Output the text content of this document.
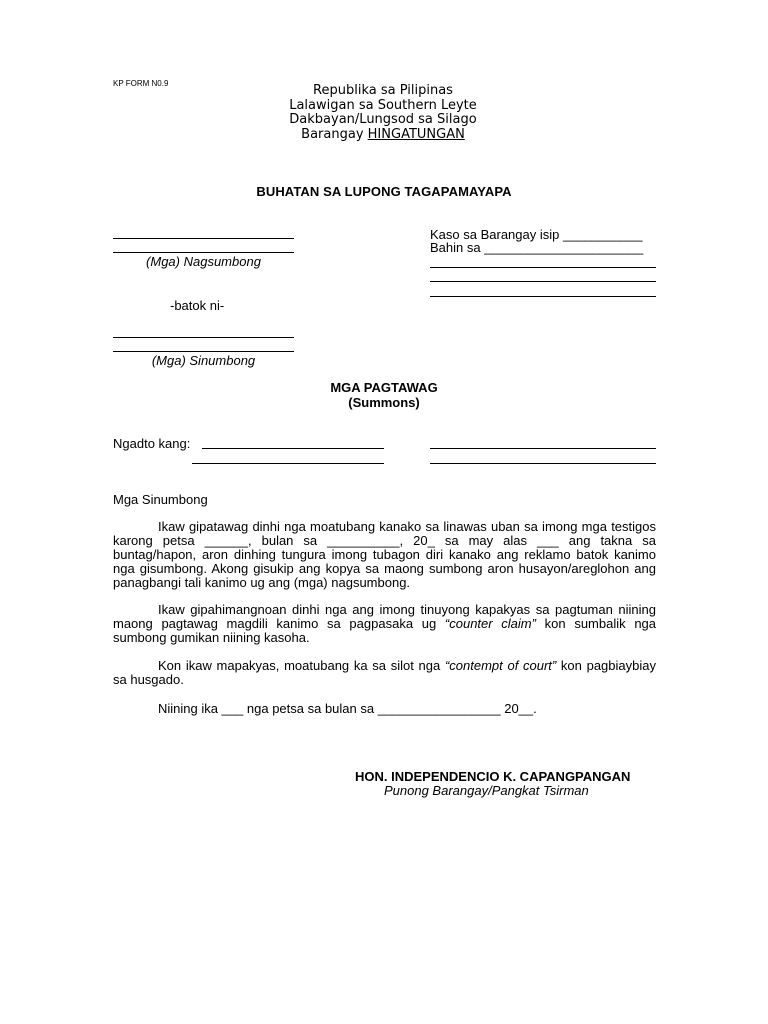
KP FORM N0.9	Republika sa Pilipinas
Lalawigan sa Southern Leyte
Dakbayan/Lungsod sa Silago
Barangay HINGATUNGAN
BUHATAN SA LUPONG TAGAPAMAYAPA
(Mga) Nagsumbong
-batok ni-
(Mga) Sinumbong
Kaso sa Barangay isip ___________
Bahin sa ______________________
MGA PAGTAWAG
(Summons)
Ngadto kang:
Mga Sinumbong
Ikaw gipatawag dinhi nga moatubang kanako sa linawas uban sa imong mga testigos karong petsa ______, bulan sa __________, 20_ sa may alas ___ ang takna sa buntag/hapon, aron dinhing tungura imong tubagon diri kanako ang reklamo batok kanimo nga gisumbong. Akong gisukip ang kopya sa maong sumbong aron husayon/areglohon ang panagbangi tali kanimo ug ang (mga) nagsumbong.
Ikaw gipahimangnoan dinhi nga ang imong tinuyong kapakyas sa pagtuman niining maong pagtawag magdili kanimo sa pagpasaka ug “counter claim” kon sumbalik nga sumbong gumikan niining kasoha.
Kon ikaw mapakyas, moatubang ka sa silot nga “contempt of court” kon pagbiaybiay sa husgado.
Niining ika ___ nga petsa sa bulan sa _________________ 20__.
HON. INDEPENDENCIO K. CAPANGPANGAN
Punong Barangay/Pangkat Tsirman
